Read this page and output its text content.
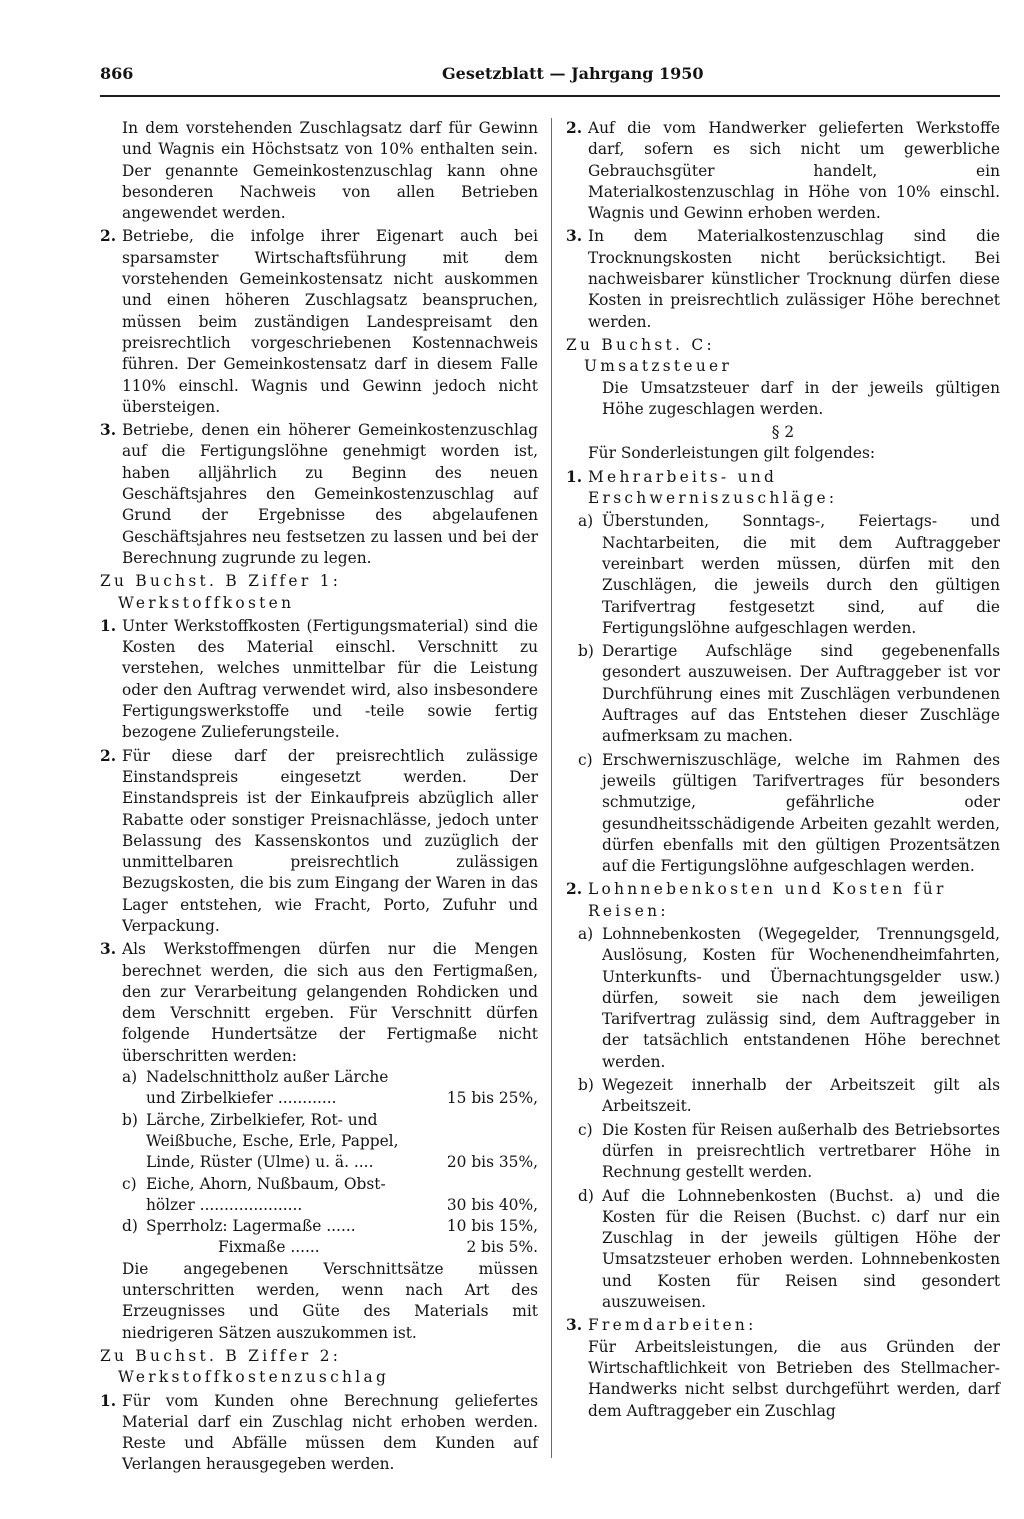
866	Gesetzblatt — Jahrgang 1950

In dem vorstehenden Zuschlagsatz darf für Gewinn und Wagnis ein Höchstsatz von 10% enthalten sein. Der genannte Gemeinkostenzuschlag kann ohne besonderen Nachweis von allen Betrieben angewendet werden.

2. Betriebe, die infolge ihrer Eigenart auch bei sparsamster Wirtschaftsführung mit dem vorstehenden Gemeinkostensatz nicht auskommen und einen höheren Zuschlagsatz beanspruchen, müssen beim zuständigen Landespreisamt den preisrechtlich vorgeschriebenen Kostennachweis führen. Der Gemeinkostensatz darf in diesem Falle 110% einschl. Wagnis und Gewinn jedoch nicht übersteigen.

3. Betriebe, denen ein höherer Gemeinkostenzuschlag auf die Fertigungslöhne genehmigt worden ist, haben alljährlich zu Beginn des neuen Geschäftsjahres den Gemeinkostenzuschlag auf Grund der Ergebnisse des abgelaufenen Geschäftsjahres neu festsetzen zu lassen und bei der Berechnung zugrunde zu legen.

Zu Buchst. B Ziffer 1:

Werkstoffkosten

1. Unter Werkstoffkosten (Fertigungsmaterial) sind die Kosten des Material einschl. Verschnitt zu verstehen, welches unmittelbar für die Leistung oder den Auftrag verwendet wird, also insbesondere Fertigungswerkstoffe und -teile sowie fertig bezogene Zulieferungsteile.

2. Für diese darf der preisrechtlich zulässige Einstandspreis eingesetzt werden. Der Einstandspreis ist der Einkaufpreis abzüglich aller Rabatte oder sonstiger Preisnachlässe, jedoch unter Belassung des Kassenskontos und zuzüglich der unmittelbaren preisrechtlich zulässigen Bezugskosten, die bis zum Eingang der Waren in das Lager entstehen, wie Fracht, Porto, Zufuhr und Verpackung.

3. Als Werkstoffmengen dürfen nur die Mengen berechnet werden, die sich aus den Fertigmaßen, den zur Verarbeitung gelangenden Rohdicken und dem Verschnitt ergeben. Für Verschnitt dürfen folgende Hundertsätze der Fertigmaße nicht überschritten werden:

a) Nadelschnittholz außer Lärche
und Zirbelkiefer ............	15 bis 25%,
b) Lärche, Zirbelkiefer, Rot- und
Weißbuche, Esche, Erle, Pappel,
Linde, Rüster (Ulme) u. ä. ....	20 bis 35%,
c) Eiche, Ahorn, Nußbaum, Obst-
hölzer .....................	30 bis 40%,
d) Sperrholz: Lagermaße ......	10 bis 15%,
Fixmaße ......	2 bis 5%.

Die angegebenen Verschnittsätze müssen unterschritten werden, wenn nach Art des Erzeugnisses und Güte des Materials mit niedrigeren Sätzen auszukommen ist.

Zu Buchst. B Ziffer 2:

Werkstoffkostenzuschlag

1. Für vom Kunden ohne Berechnung geliefertes Material darf ein Zuschlag nicht erhoben werden. Reste und Abfälle müssen dem Kunden auf Verlangen herausgegeben werden.

2. Auf die vom Handwerker gelieferten Werkstoffe darf, sofern es sich nicht um gewerbliche Gebrauchsgüter handelt, ein Materialkostenzuschlag in Höhe von 10% einschl. Wagnis und Gewinn erhoben werden.

3. In dem Materialkostenzuschlag sind die Trocknungskosten nicht berücksichtigt. Bei nachweisbarer künstlicher Trocknung dürfen diese Kosten in preisrechtlich zulässiger Höhe berechnet werden.

Zu Buchst. C:

Umsatzsteuer

Die Umsatzsteuer darf in der jeweils gültigen Höhe zugeschlagen werden.

§ 2

Für Sonderleistungen gilt folgendes:

1. Mehrarbeits- und Erschwerniszuschläge:

a) Überstunden, Sonntags-, Feiertags- und Nachtarbeiten, die mit dem Auftraggeber vereinbart werden müssen, dürfen mit den Zuschlägen, die jeweils durch den gültigen Tarifvertrag festgesetzt sind, auf die Fertigungslöhne aufgeschlagen werden.

b) Derartige Aufschläge sind gegebenenfalls gesondert auszuweisen. Der Auftraggeber ist vor Durchführung eines mit Zuschlägen verbundenen Auftrages auf das Entstehen dieser Zuschläge aufmerksam zu machen.

c) Erschwerniszuschläge, welche im Rahmen des jeweils gültigen Tarifvertrages für besonders schmutzige, gefährliche oder gesundheitsschädigende Arbeiten gezahlt werden, dürfen ebenfalls mit den gültigen Prozentsätzen auf die Fertigungslöhne aufgeschlagen werden.

2. Lohnnebenkosten und Kosten für Reisen:

a) Lohnnebenkosten (Wegegelder, Trennungsgeld, Auslösung, Kosten für Wochenendheimfahrten, Unterkunfts- und Übernachtungsgelder usw.) dürfen, soweit sie nach dem jeweiligen Tarifvertrag zulässig sind, dem Auftraggeber in der tatsächlich entstandenen Höhe berechnet werden.

b) Wegezeit innerhalb der Arbeitszeit gilt als Arbeitszeit.

c) Die Kosten für Reisen außerhalb des Betriebsortes dürfen in preisrechtlich vertretbarer Höhe in Rechnung gestellt werden.

d) Auf die Lohnnebenkosten (Buchst. a) und die Kosten für die Reisen (Buchst. c) darf nur ein Zuschlag in der jeweils gültigen Höhe der Umsatzsteuer erhoben werden. Lohnnebenkosten und Kosten für Reisen sind gesondert auszuweisen.

3. Fremdarbeiten:

Für Arbeitsleistungen, die aus Gründen der Wirtschaftlichkeit von Betrieben des Stellmacher-Handwerks nicht selbst durchgeführt werden, darf dem Auftraggeber ein Zuschlag
